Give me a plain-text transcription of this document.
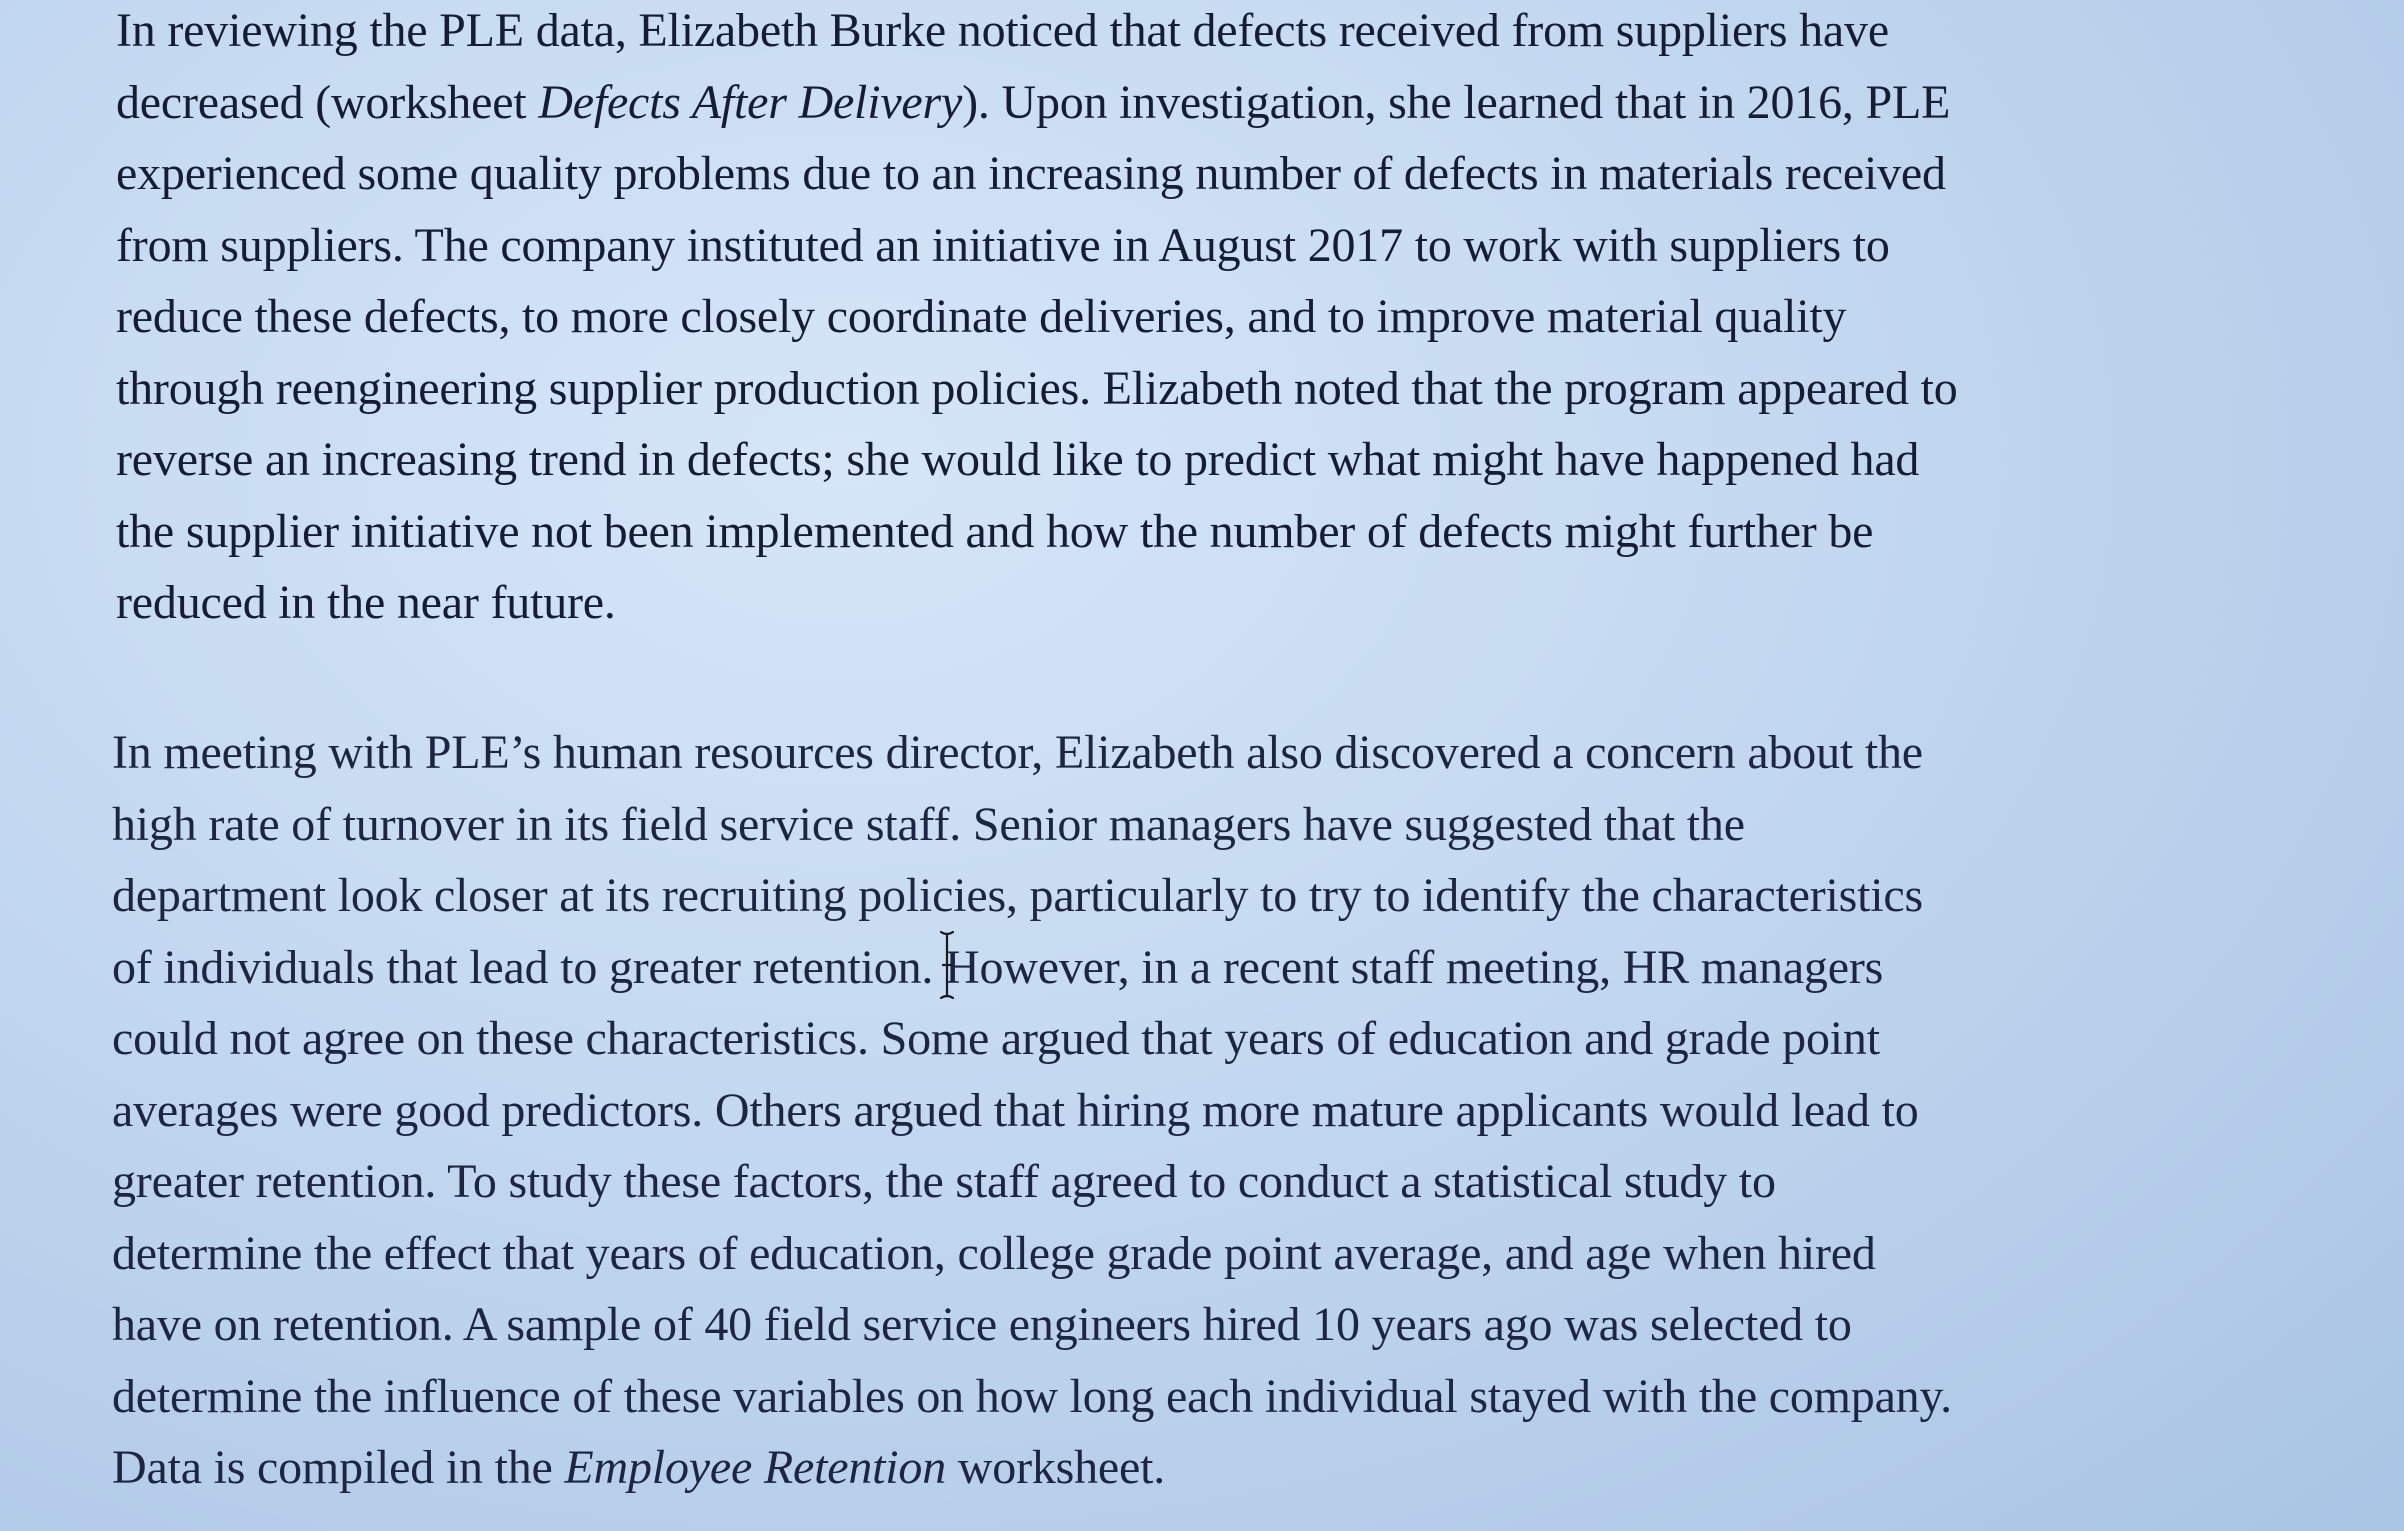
In reviewing the PLE data, Elizabeth Burke noticed that defects received from suppliers have
decreased (worksheet Defects After Delivery). Upon investigation, she learned that in 2016, PLE
experienced some quality problems due to an increasing number of defects in materials received
from suppliers. The company instituted an initiative in August 2017 to work with suppliers to
reduce these defects, to more closely coordinate deliveries, and to improve material quality
through reengineering supplier production policies. Elizabeth noted that the program appeared to
reverse an increasing trend in defects; she would like to predict what might have happened had
the supplier initiative not been implemented and how the number of defects might further be
reduced in the near future.

In meeting with PLE’s human resources director, Elizabeth also discovered a concern about the
high rate of turnover in its field service staff. Senior managers have suggested that the
department look closer at its recruiting policies, particularly to try to identify the characteristics
of individuals that lead to greater retention. However, in a recent staff meeting, HR managers
could not agree on these characteristics. Some argued that years of education and grade point
averages were good predictors. Others argued that hiring more mature applicants would lead to
greater retention. To study these factors, the staff agreed to conduct a statistical study to
determine the effect that years of education, college grade point average, and age when hired
have on retention. A sample of 40 field service engineers hired 10 years ago was selected to
determine the influence of these variables on how long each individual stayed with the company.
Data is compiled in the Employee Retention worksheet.
